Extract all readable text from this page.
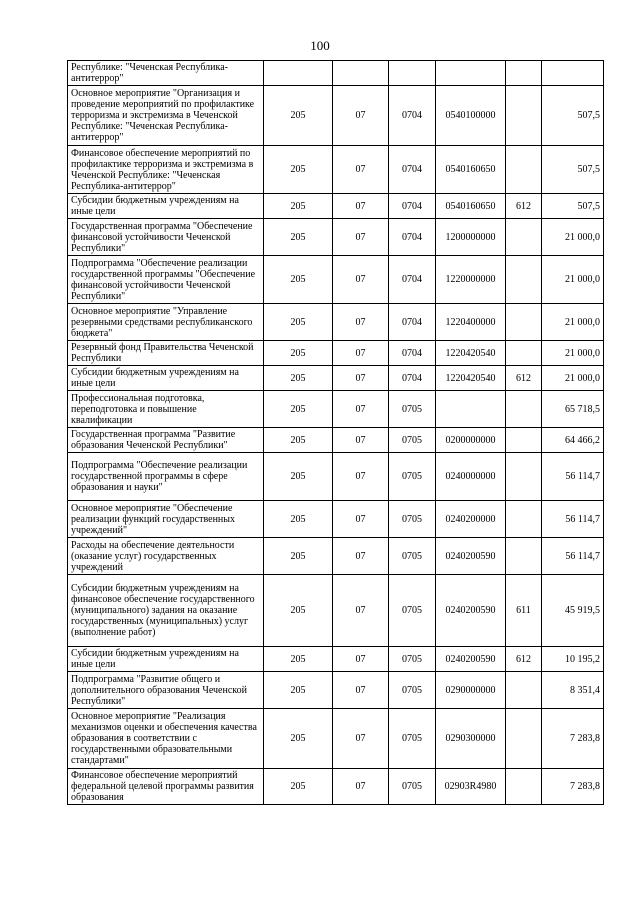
100
Республике: "Чеченская Республика-антитеррор"						
Основное мероприятие "Организация и проведение мероприятий по профилактике терроризма и экстремизма в Чеченской Республике: "Чеченская Республика-антитеррор"	205	07	0704	0540100000		507,5
Финансовое обеспечение мероприятий по профилактике терроризма и экстремизма в Чеченской Республике: "Чеченская Республика-антитеррор"	205	07	0704	0540160650		507,5
Субсидии бюджетным учреждениям на иные цели	205	07	0704	0540160650	612	507,5
Государственная программа "Обеспечение финансовой устойчивости Чеченской Республики"	205	07	0704	1200000000		21 000,0
Подпрограмма "Обеспечение реализации государственной программы "Обеспечение финансовой устойчивости Чеченской Республики"	205	07	0704	1220000000		21 000,0
Основное мероприятие "Управление резервными средствами республиканского бюджета"	205	07	0704	1220400000		21 000,0
Резервный фонд Правительства Чеченской Республики	205	07	0704	1220420540		21 000,0
Субсидии бюджетным учреждениям на иные цели	205	07	0704	1220420540	612	21 000,0
Профессиональная подготовка, переподготовка и повышение квалификации	205	07	0705			65 718,5
Государственная программа "Развитие образования Чеченской Республики"	205	07	0705	0200000000		64 466,2
Подпрограмма "Обеспечение реализации государственной программы в сфере образования и науки"	205	07	0705	0240000000		56 114,7
Основное мероприятие "Обеспечение реализации функций государственных учреждений"	205	07	0705	0240200000		56 114,7
Расходы на обеспечение деятельности (оказание услуг) государственных учреждений	205	07	0705	0240200590		56 114,7
Субсидии бюджетным учреждениям на финансовое обеспечение государственного (муниципального) задания на оказание государственных (муниципальных) услуг (выполнение работ)	205	07	0705	0240200590	611	45 919,5
Субсидии бюджетным учреждениям на иные цели	205	07	0705	0240200590	612	10 195,2
Подпрограмма "Развитие общего и дополнительного образования Чеченской Республики"	205	07	0705	0290000000		8 351,4
Основное мероприятие "Реализация механизмов оценки и обеспечения качества образования в соответствии с государственными образовательными стандартами"	205	07	0705	0290300000		7 283,8
Финансовое обеспечение мероприятий федеральной целевой программы развития образования	205	07	0705	02903R4980		7 283,8
